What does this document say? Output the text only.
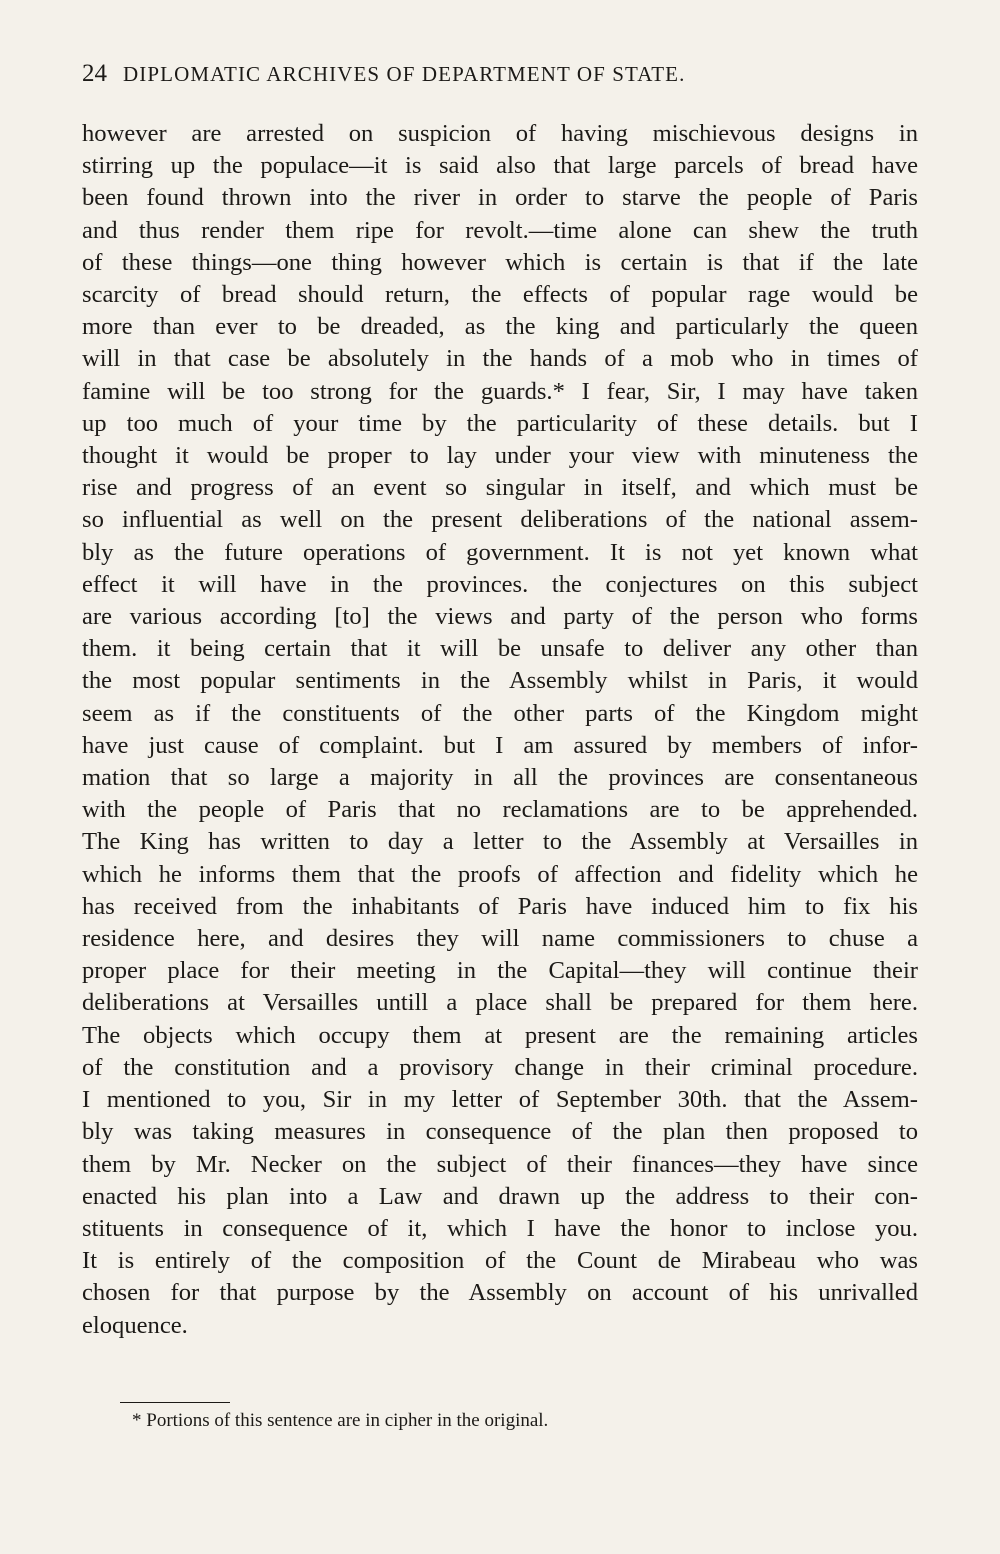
24 DIPLOMATIC ARCHIVES OF DEPARTMENT OF STATE.

however are arrested on suspicion of having mischievous designs in
stirring up the populace—it is said also that large parcels of bread have
been found thrown into the river in order to starve the people of Paris
and thus render them ripe for revolt.—time alone can shew the truth
of these things—one thing however which is certain is that if the late
scarcity of bread should return, the effects of popular rage would be
more than ever to be dreaded, as the king and particularly the queen
will in that case be absolutely in the hands of a mob who in times of
famine will be too strong for the guards.* I fear, Sir, I may have taken
up too much of your time by the particularity of these details. but I
thought it would be proper to lay under your view with minuteness the
rise and progress of an event so singular in itself, and which must be
so influential as well on the present deliberations of the national assem-
bly as the future operations of government. It is not yet known what
effect it will have in the provinces. the conjectures on this subject
are various according [to] the views and party of the person who forms
them. it being certain that it will be unsafe to deliver any other than
the most popular sentiments in the Assembly whilst in Paris, it would
seem as if the constituents of the other parts of the Kingdom might
have just cause of complaint. but I am assured by members of infor-
mation that so large a majority in all the provinces are consentaneous
with the people of Paris that no reclamations are to be apprehended.
The King has written to day a letter to the Assembly at Versailles in
which he informs them that the proofs of affection and fidelity which he
has received from the inhabitants of Paris have induced him to fix his
residence here, and desires they will name commissioners to chuse a
proper place for their meeting in the Capital—they will continue their
deliberations at Versailles untill a place shall be prepared for them here.
The objects which occupy them at present are the remaining articles
of the constitution and a provisory change in their criminal procedure.
I mentioned to you, Sir in my letter of September 30th. that the Assem-
bly was taking measures in consequence of the plan then proposed to
them by Mr. Necker on the subject of their finances—they have since
enacted his plan into a Law and drawn up the address to their con-
stituents in consequence of it, which I have the honor to inclose you.
It is entirely of the composition of the Count de Mirabeau who was
chosen for that purpose by the Assembly on account of his unrivalled
eloquence.

* Portions of this sentence are in cipher in the original.
